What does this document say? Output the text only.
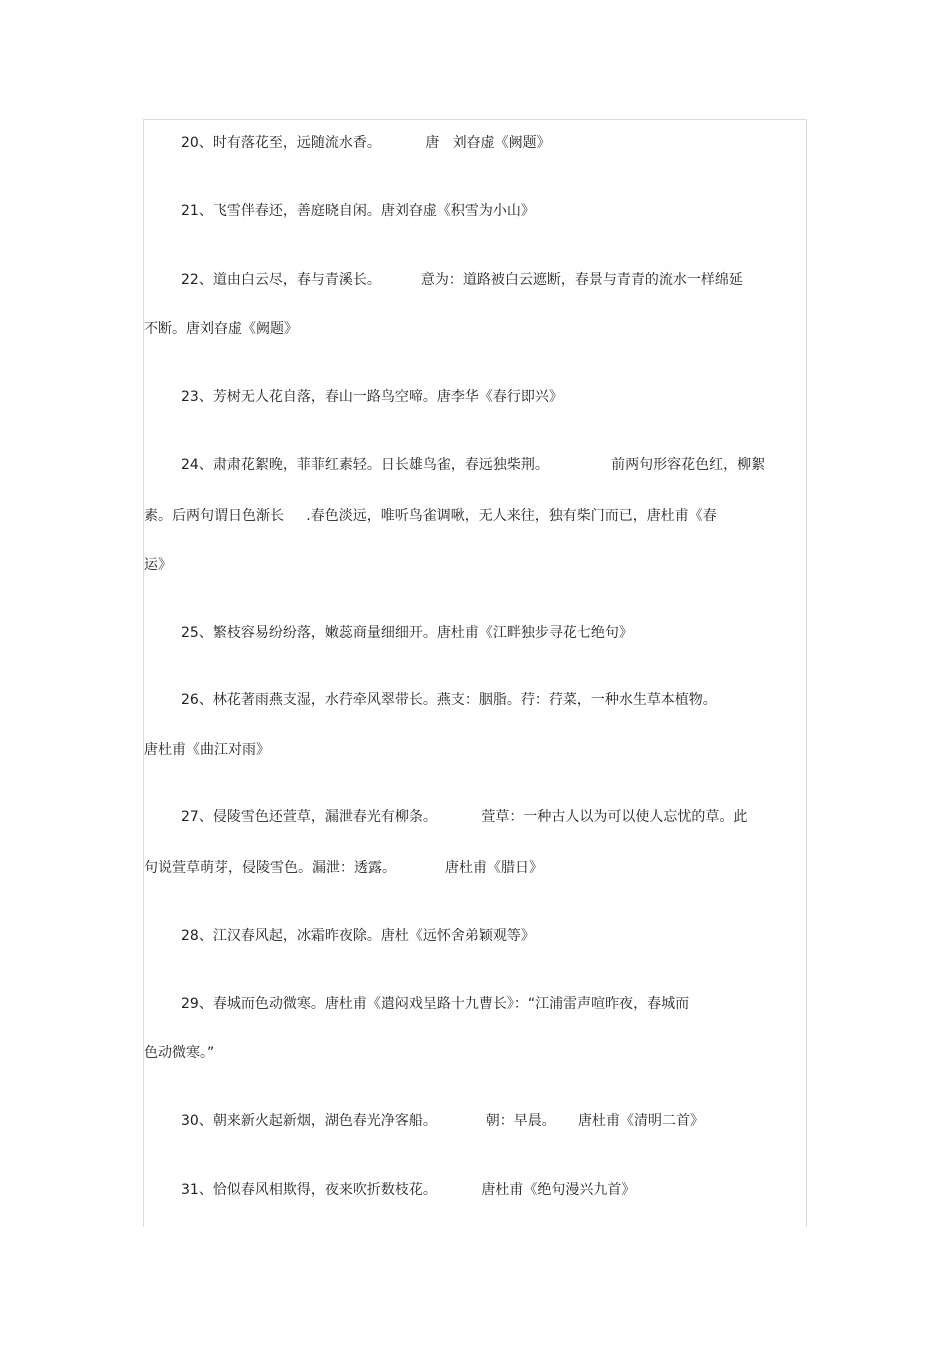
20、时有落花至，远随流水香。          唐   刘昚虚《阙题》

21、飞雪伴春还，善庭晓自闲。唐刘昚虚《积雪为小山》

22、道由白云尽，春与青溪长。         意为：道路被白云遮断，春景与青青的流水一样绵延

不断。唐刘昚虚《阙题》

23、芳树无人花自落，春山一路鸟空啼。唐李华《春行即兴》

24、肃肃花絮晚，菲菲红素轻。日长雄鸟雀，春远独柴荆。              前两句形容花色红，柳絮

素。后两句谓日色渐长     .春色淡远，唯听鸟雀调啾，无人来往，独有柴门而已，唐杜甫《春

运》

25、繁枝容易纷纷落，嫩蕊商量细细开。唐杜甫《江畔独步寻花七绝句》

26、林花著雨燕支湿，水荇牵风翠带长。燕支：胭脂。荇：荇菜，一种水生草本植物。

唐杜甫《曲江对雨》

27、侵陵雪色还萱草，漏泄春光有柳条。          萱草：一种古人以为可以使人忘忧的草。此

句说萱草萌芽，侵陵雪色。漏泄：透露。           唐杜甫《腊日》

28、江汉春风起，冰霜昨夜除。唐杜《远怀舍弟颖观等》

29、春城而色动微寒。唐杜甫《遣闷戏呈路十九曹长》：“江浦雷声喧昨夜，春城而

色动微寒。”

30、朝来新火起新烟，湖色春光净客船。           朝：早晨。     唐杜甫《清明二首》

31、恰似春风相欺得，夜来吹折数枝花。          唐杜甫《绝句漫兴九首》
